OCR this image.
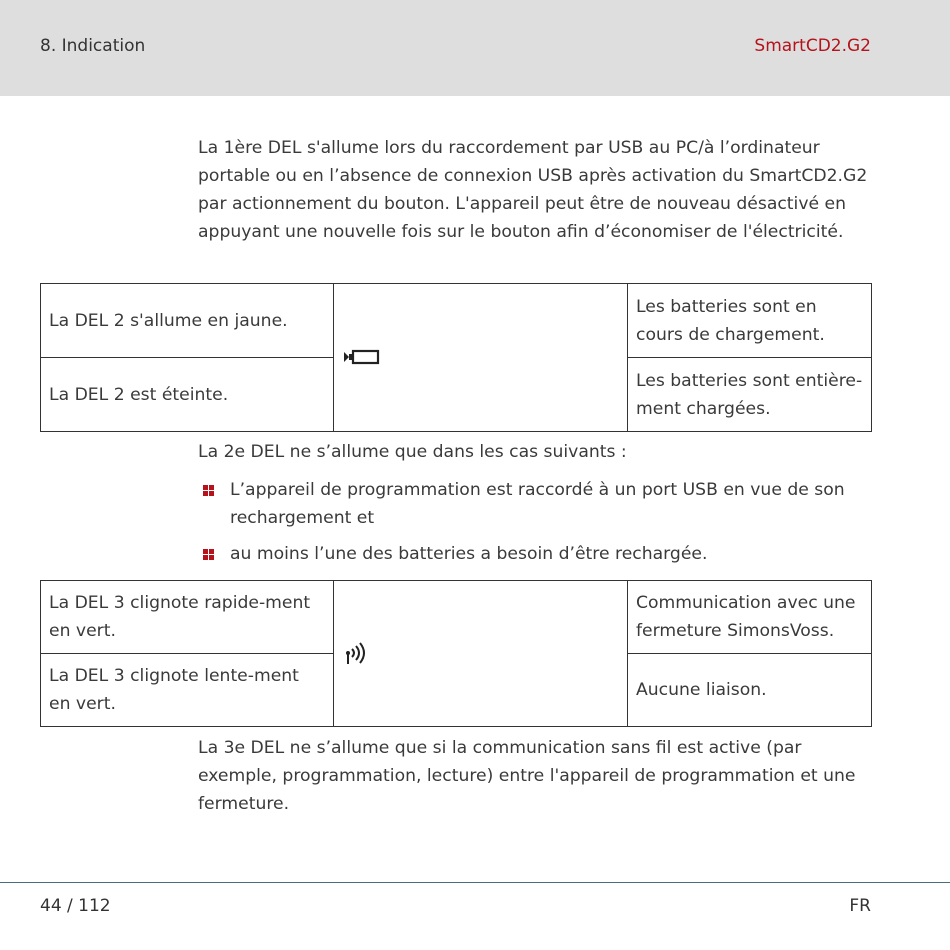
8. Indication	SmartCD2.G2
La 1ère DEL s'allume lors du raccordement par USB au PC/à l’ordinateur portable ou en l’absence de connexion USB après activation du SmartCD2.G2 par actionnement du bouton. L'appareil peut être de nouveau désactivé en appuyant une nouvelle fois sur le bouton afin d’économiser de l'électricité.
La DEL 2 s'allume en jaune.		Les batteries sont en cours de chargement.
La DEL 2 est éteinte.		Les batteries sont entière-ment chargées.
La 2e DEL ne s’allume que dans les cas suivants :
L’appareil de programmation est raccordé à un port USB en vue de son rechargement et
au moins l’une des batteries a besoin d’être rechargée.
La DEL 3 clignote rapide-ment en vert.		Communication avec une fermeture SimonsVoss.
La DEL 3 clignote lente-ment en vert.		Aucune liaison.
La 3e DEL ne s’allume que si la communication sans fil est active (par exemple, programmation, lecture) entre l'appareil de programmation et une fermeture.
44 / 112	FR
